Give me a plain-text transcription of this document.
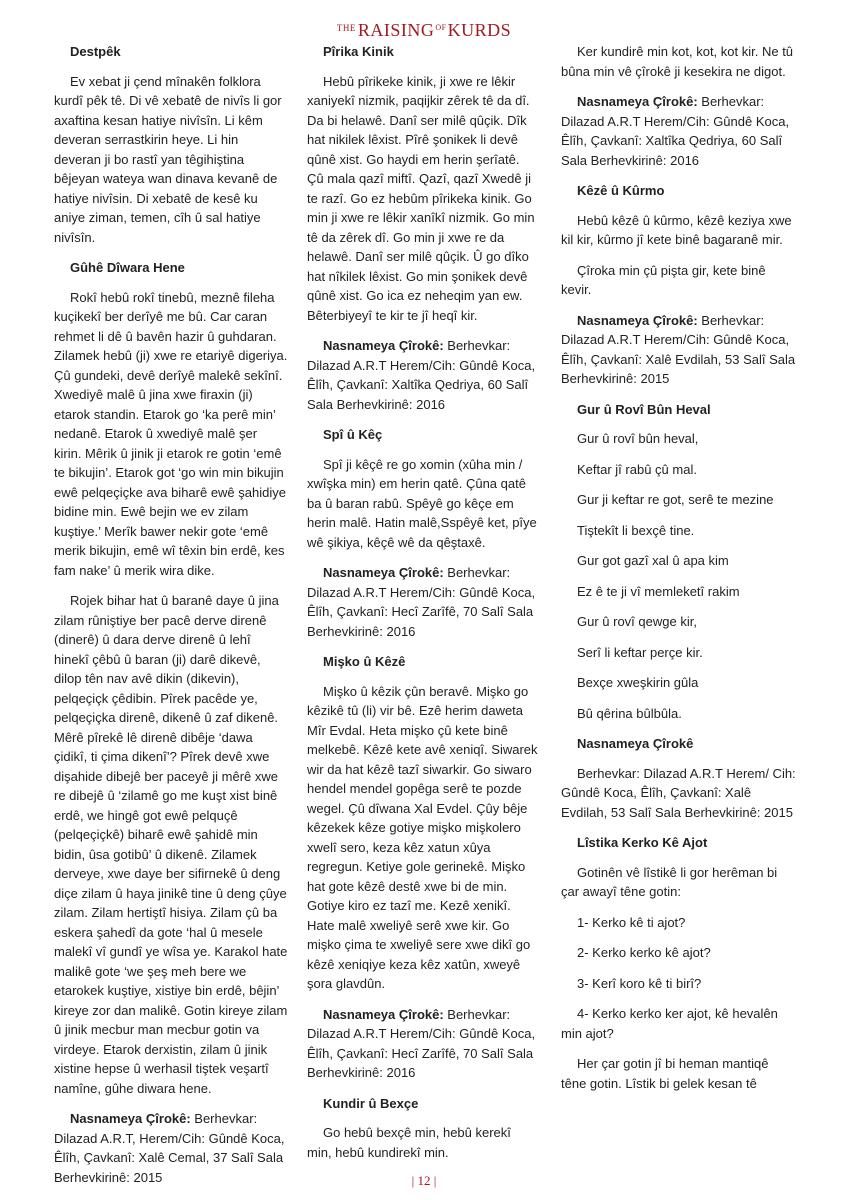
$^{THE}$ $RAISING^{OF}KURDS$
Destpêk

Ev xebat ji çend mînakên folklora kurdî pêk tê. Di vê xebatê de nivîs li gor axaftina kesan hatiye nivîsîn. Li kêm deveran serrastkirin heye. Li hin deveran ji bo rastî yan têgihiştina bêjeyan wateya wan dinava kevanê de hatiye nivîsin. Di xebatê de kesê ku aniye ziman, temen, cîh û sal hatiye nivîsîn.

Gûhê Dîwara Hene

Rokî hebû rokî tinebû, meznê fileha kuçikekî ber derîyê me bû. Car caran rehmet li dê û bavên hazir û guhdaran. Zilamek hebû (ji) xwe re etariyê digeriya. Çû gundeki, devê derîyê malekê sekînî. Xwediyê malê û jina xwe firaxin (ji) etarok standin. Etarok go ‘ka perê min’ nedanê. Etarok û xwediyê malê şer kirin. Mêrik û jinik ji etarok re gotin ‘emê te bikujin’. Etarok got ‘go win min bikujin ewê pelqeçiçke ava biharê ewê şahidiye bidine min. Ewê bejin we ev zilam kuştiye.’ Merîk bawer nekir gote ‘emê merik bikujin, emê wî têxin bin erdê, kes fam nake’ û merik wira dike.

Rojek bihar hat û baranê daye û jina zilam rûniştiye ber pacê derve direnê (dinerê) û dara derve direnê û lehî hinekî çêbû û baran (ji) darê dikevê, dilop tên nav avê dikin (dikevin), pelqeçiçk çêdibin. Pîrek pacêde ye, pelqeçiçka direnê, dikenê û zaf dikenê. Mêrê pîrekê lê direnê dibêje ‘dawa çidikî, ti çima dikenî’? Pîrek devê xwe dişahide dibejê ber paceyê ji mêrê xwe re dibejê û ‘zilamê go me kuşt xist binê erdê, we hingê got ewê pelquçê (pelqeçiçkê) biharê ewê şahidê min bidin, ûsa gotibû’ û dikenê. Zilamek derveye, xwe daye ber sifirnekê û deng diçe zilam û haya jinikê tine û deng çûye zilam. Zilam hertiştî hisiya. Zilam çû ba eskera şahedî da gote ‘hal û mesele malekî vî gundî ye wîsa ye. Karakol hate malikê gote ‘we şeş meh bere we etarokek kuştiye, xistiye bin erdê, bêjin’ kireye zor dan malikê. Gotin kireye zilam û jinik mecbur man mecbur gotin va virdeye. Etarok derxistin, zilam û jinik xistine hepse û werhasil tiştek veşartî namîne, gûhe diwara hene.

Nasnameya Çîrokê: Berhevkar: Dilazad A.R.T, Herem/Cih: Gûndê Koca, Êlîh, Çavkanî: Xalê Cemal, 37 Salî Sala Berhevkirinê: 2015

Pîrika Kinik

Hebû pîrikeke kinik, ji xwe re lêkir xaniyekî nizmik, paqijkir zêrek tê da dî. Da bi helawê. Danî ser milê qûçik. Dîk hat nikilek lêxist. Pîrê şonikek li devê qûnê xist. Go haydi em herin şerîatê. Çû mala qazî miftî. Qazî, qazî Xwedê ji te razî. Go ez hebûm pîrikeka kinik. Go min ji xwe re lêkir xanîkî nizmik. Go min tê da zêrek dî. Go min ji xwe re da helawê. Danî ser milê qûçik. Û go dîko hat nîkilek lêxist. Go min şonikek devê qûnê xist. Go ica ez neheqim yan ew. Bêterbiyeyî te kir te jî heqî kir.

Nasnameya Çîrokê: Berhevkar: Dilazad A.R.T Herem/Cih: Gûndê Koca, Êlîh, Çavkanî: Xaltîka Qedriya, 60 Salî Sala Berhevkirinê: 2016

Spî û Kêç

Spî ji kêçê re go xomin (xûha min / xwîşka min) em herin qatê. Çûna qatê ba û baran rabû. Spêyê go kêçe em herin malê. Hatin malê,Sspêyê ket, pîye wê şikiya, kêçê wê da qêştaxê.

Nasnameya Çîrokê: Berhevkar: Dilazad A.R.T Herem/Cih: Gûndê Koca, Êlîh, Çavkanî: Hecî Zarîfê, 70 Salî Sala Berhevkirinê: 2016

Mişko û Kêzê

Mişko û kêzik çûn beravê. Mişko go kêzikê tû (li) vir bê. Ezê herim daweta Mîr Evdal. Heta mişko çû kete binê melkebê. Kêzê kete avê xeniqî. Siwarek wir da hat kêzê tazî siwarkir. Go siwaro hendel mendel gopêga serê te pozde wegel. Çû dîwana Xal Evdel. Çûy bêje kêzekek kêze gotiye mişko mişkolero xwelî sero, keza kêz xatun xûya regregun. Ketiye gole gerinekê. Mişko hat gote kêzê destê xwe bi de min. Gotiye kiro ez tazî me. Kezê xenikî. Hate malê xweliyê serê xwe kir. Go mişko çima te xweliyê sere xwe dikî go kêzê xeniqiye keza kêz xatûn, xweyê şora glavdûn.

Nasnameya Çîrokê: Berhevkar: Dilazad A.R.T Herem/Cih: Gûndê Koca, Êlîh, Çavkanî: Hecî Zarîfê, 70 Salî Sala Berhevkirinê: 2016

Kundir û Bexçe

Go hebû bexçê min, hebû kerekî min, hebû kundirekî min.

Ker kundirê min kot, kot, kot kir. Ne tû bûna min vê çîrokê ji kesekira ne digot.

Nasnameya Çîrokê: Berhevkar: Dilazad A.R.T Herem/Cih: Gûndê Koca, Êlîh, Çavkanî: Xaltîka Qedriya, 60 Salî Sala Berhevkirinê: 2016

Kêzê û Kûrmo

Hebû kêzê û kûrmo, kêzê keziya xwe kil kir, kûrmo jî kete binê bagaranê mir.

Çîroka min çû pişta gir, kete binê kevir.

Nasnameya Çîrokê: Berhevkar: Dilazad A.R.T Herem/Cih: Gûndê Koca, Êlîh, Çavkanî: Xalê Evdilah, 53 Salî Sala Berhevkirinê: 2015

Gur û Rovî Bûn Heval

Gur û rovî bûn heval,

Keftar jî rabû çû mal.

Gur ji keftar re got, serê te mezine

Tiştekît li bexçê tine.

Gur got gazî xal û apa kim

Ez ê te ji vî memleketî rakim

Gur û rovî qewge kir,

Serî li keftar perçe kir.

Bexçe xweşkirin gûla

Bû qêrina bûlbûla.

Nasnameya Çîrokê

Berhevkar: Dilazad A.R.T Herem/ Cih: Gûndê Koca, Êlîh, Çavkanî: Xalê Evdilah, 53 Salî Sala Berhevkirinê: 2015

Lîstika Kerko Kê Ajot

Gotinên vê lîstikê li gor herêman bi çar awayî têne gotin:

1- Kerko kê ti ajot?

2- Kerko kerko kê ajot?

3- Kerî koro kê ti birî?

4- Kerko kerko ker ajot, kê hevalên min ajot?

Her çar gotin jî bi heman mantiqê têne gotin. Lîstik bi gelek kesan tê

| 12 |
